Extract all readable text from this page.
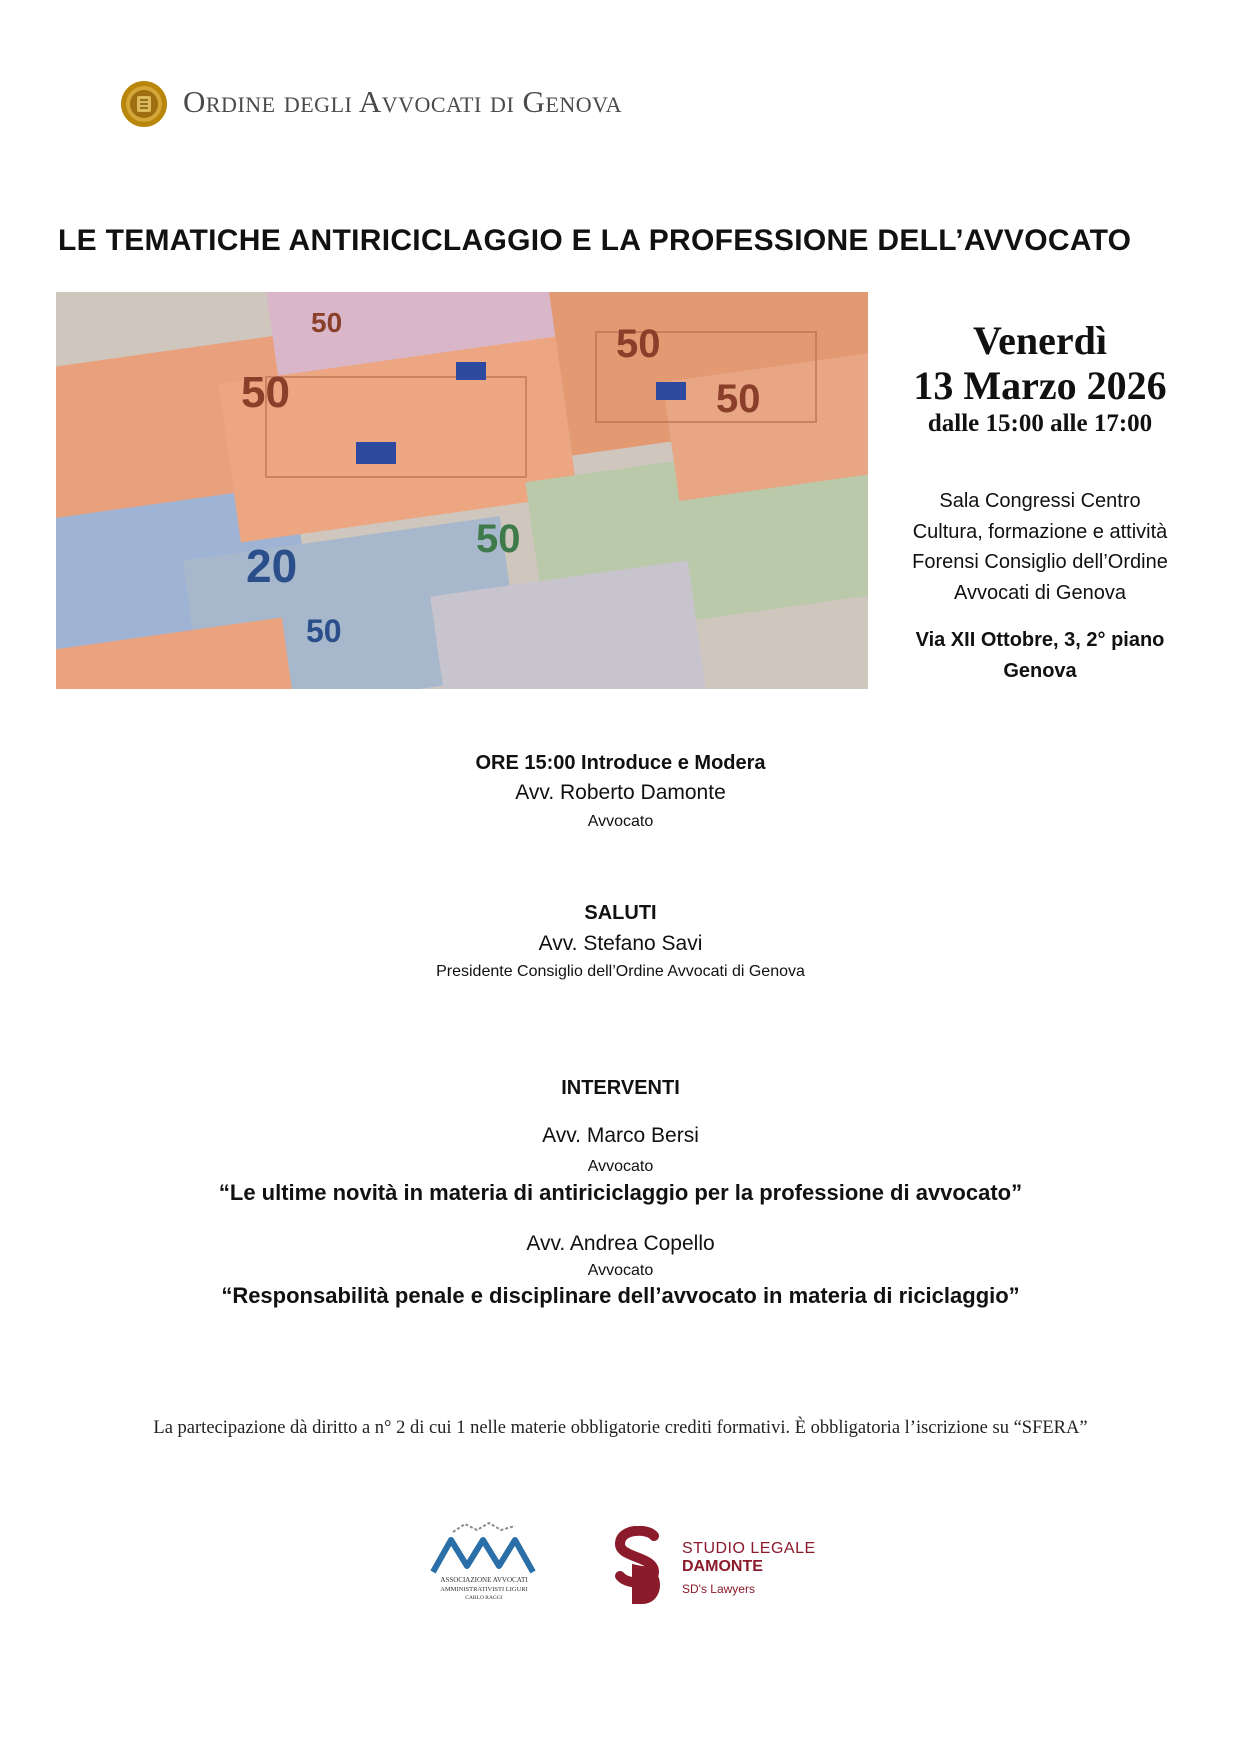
Ordine degli Avvocati di Genova
LE TEMATICHE ANTIRICICLAGGIO E LA PROFESSIONE DELL’AVVOCATO
50
50
50
50
20
50
50
Venerdì
13 Marzo 2026
dalle 15:00 alle 17:00
Sala Congressi Centro
Cultura, formazione e attività
Forensi Consiglio dell’Ordine
Avvocati di Genova
Via XII Ottobre, 3, 2° piano
Genova
ORE 15:00 Introduce e Modera
Avv. Roberto Damonte
Avvocato
SALUTI
Avv. Stefano Savi
Presidente Consiglio dell’Ordine Avvocati di Genova
INTERVENTI
Avv. Marco Bersi
Avvocato
“Le ultime novità in materia di antiriciclaggio per la professione di avvocato”
Avv. Andrea Copello
Avvocato
“Responsabilità penale e disciplinare dell’avvocato in materia di riciclaggio”
La partecipazione dà diritto a n° 2 di cui 1 nelle materie obbligatorie crediti formativi. È obbligatoria l’iscrizione su “SFERA”
ASSOCIAZIONE AVVOCATI
AMMINISTRATIVISTI LIGURI
CARLO RAGGI
STUDIO LEGALE
DAMONTE
SD's Lawyers
